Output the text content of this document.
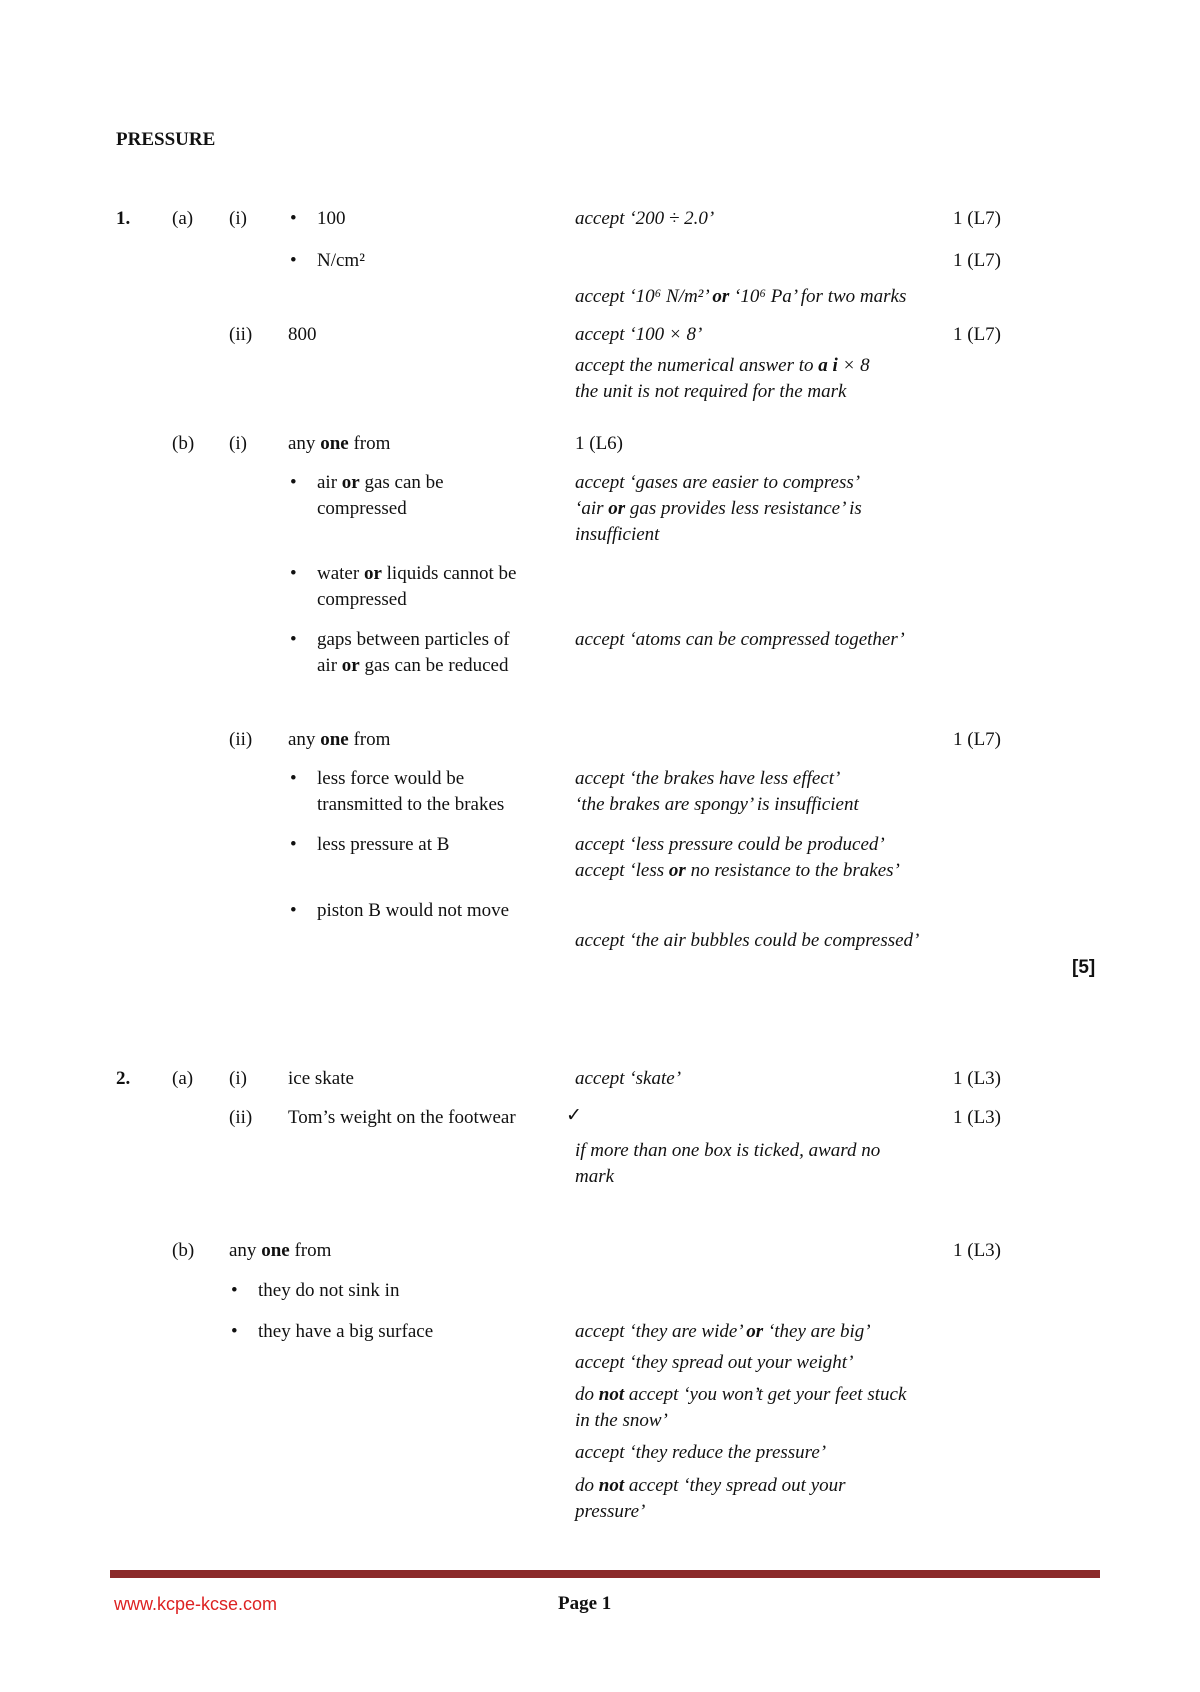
PRESSURE
1. (a) (i)
•	100	accept ‘200 ÷ 2.0’	1 (L7)
• N/cm²	1 (L7)
accept ‘10⁶ N/m²’ or ‘10⁶ Pa’ for two marks
(ii) 800	accept ‘100 × 8’	1 (L7)
accept the numerical answer to a i × 8
the unit is not required for the mark
(b) (i) any one from	1 (L6)
• air or gas can be
compressed
accept ‘gases are easier to compress’
‘air or gas provides less resistance’ is
insufficient
• water or liquids cannot be
compressed
• gaps between particles of
air or gas can be reduced
accept ‘atoms can be compressed together’
(ii) any one from	1 (L7)
• less force would be
transmitted to the brakes
accept ‘the brakes have less effect’
‘the brakes are spongy’ is insufficient
• less pressure at B	accept ‘less pressure could be produced’
accept ‘less or no resistance to the brakes’
• piston B would not move
accept ‘the air bubbles could be compressed’
[5]
2. (a) (i) ice skate	accept ‘skate’	1 (L3)
(ii) Tom’s weight on the footwear	✓	1 (L3)
if more than one box is ticked, award no
mark
(b) any one from	1 (L3)
• they do not sink in
• they have a big surface	accept ‘they are wide’ or ‘they are big’
accept ‘they spread out your weight’
do not accept ‘you won’t get your feet stuck
in the snow’
accept ‘they reduce the pressure’
do not accept ‘they spread out your
pressure’
www.kcpe-kcse.com	Page 1
